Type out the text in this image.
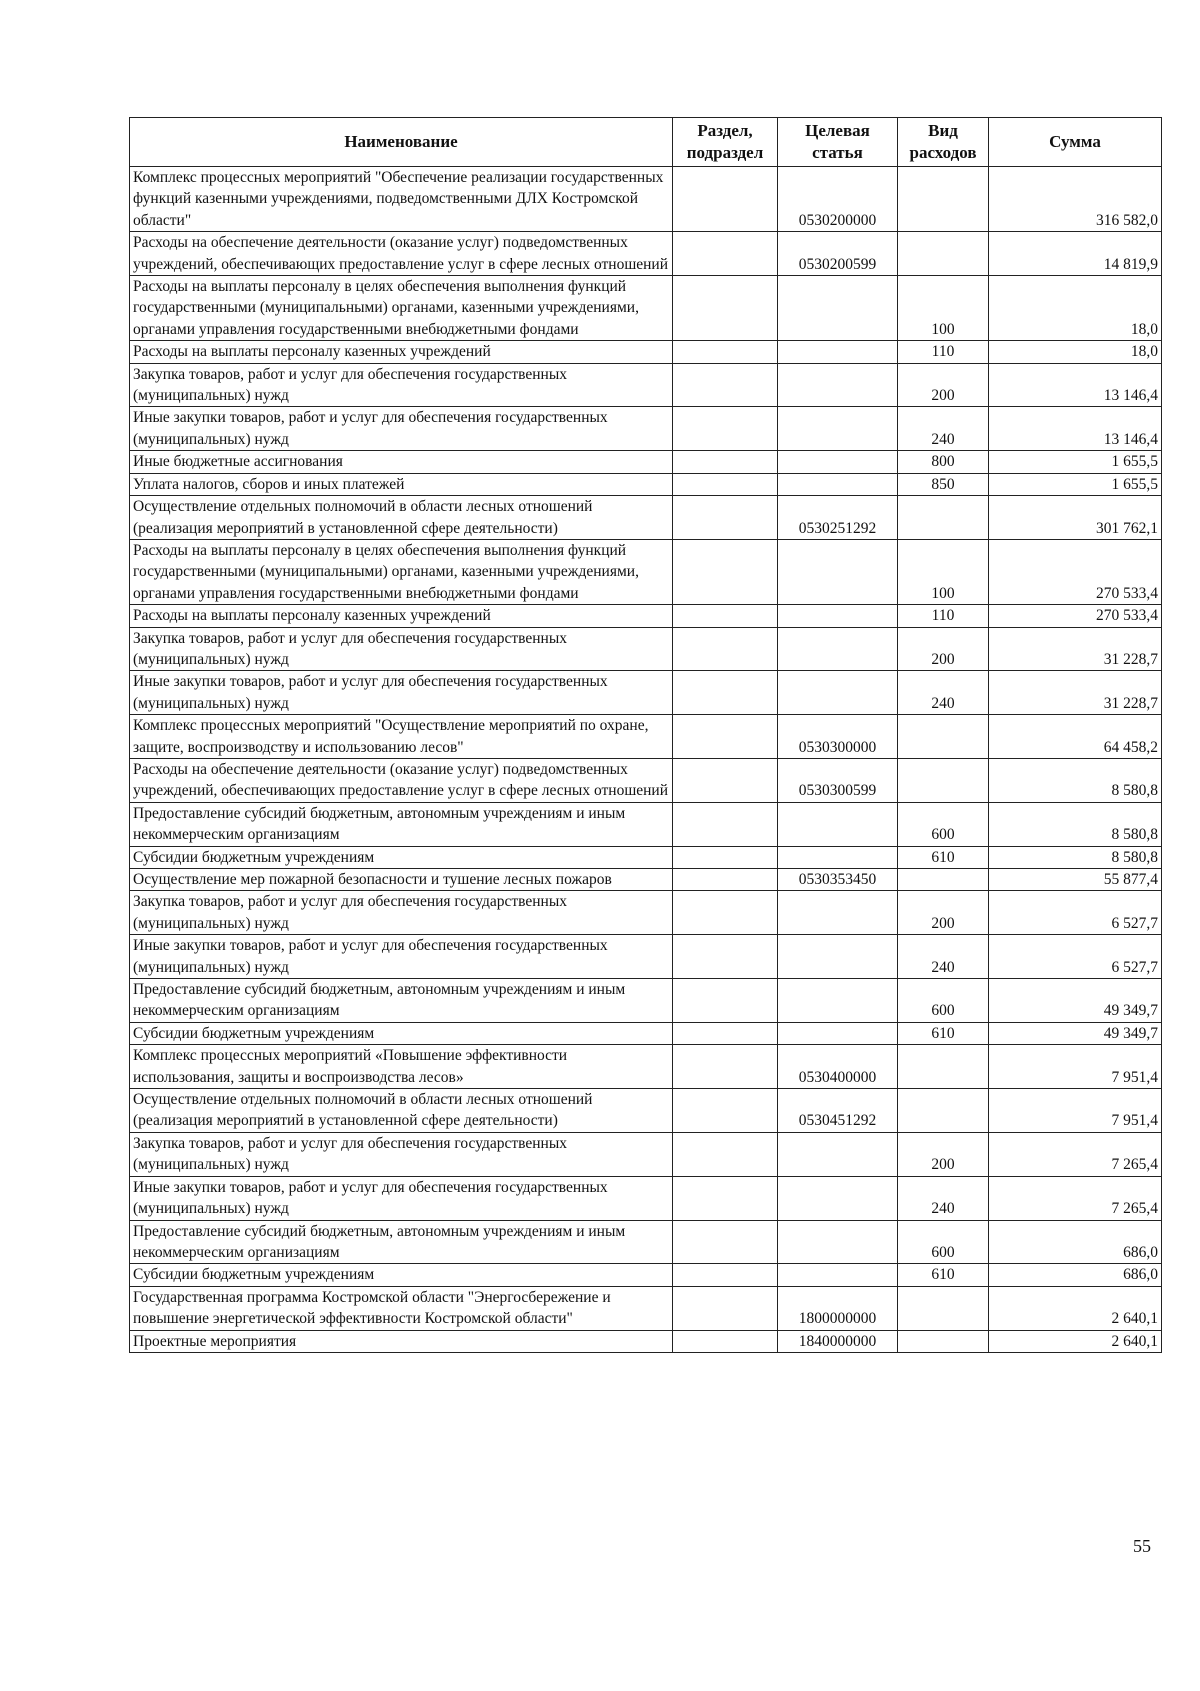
Наименование	Раздел, подраздел	Целевая статья	Вид расходов	Сумма
Комплекс процессных мероприятий "Обеспечение реализации государственных функций казенными учреждениями, подведомственными ДЛХ Костромской области"		0530200000		316 582,0
Расходы на обеспечение деятельности (оказание услуг) подведомственных учреждений, обеспечивающих предоставление услуг в сфере лесных отношений		0530200599		14 819,9
Расходы на выплаты персоналу в целях обеспечения выполнения функций государственными (муниципальными) органами, казенными учреждениями, органами управления государственными внебюджетными фондами			100	18,0
Расходы на выплаты персоналу казенных учреждений			110	18,0
Закупка товаров, работ и услуг для обеспечения государственных (муниципальных) нужд			200	13 146,4
Иные закупки товаров, работ и услуг для обеспечения государственных (муниципальных) нужд			240	13 146,4
Иные бюджетные ассигнования			800	1 655,5
Уплата налогов, сборов и иных платежей			850	1 655,5
Осуществление отдельных полномочий в области лесных отношений (реализация мероприятий в установленной сфере деятельности)		0530251292		301 762,1
Расходы на выплаты персоналу в целях обеспечения выполнения функций государственными (муниципальными) органами, казенными учреждениями, органами управления государственными внебюджетными фондами			100	270 533,4
Расходы на выплаты персоналу казенных учреждений			110	270 533,4
Закупка товаров, работ и услуг для обеспечения государственных (муниципальных) нужд			200	31 228,7
Иные закупки товаров, работ и услуг для обеспечения государственных (муниципальных) нужд			240	31 228,7
Комплекс процессных мероприятий "Осуществление мероприятий по охране, защите, воспроизводству и использованию лесов"		0530300000		64 458,2
Расходы на обеспечение деятельности (оказание услуг) подведомственных учреждений, обеспечивающих предоставление услуг в сфере лесных отношений		0530300599		8 580,8
Предоставление субсидий бюджетным, автономным учреждениям и иным некоммерческим организациям			600	8 580,8
Субсидии бюджетным учреждениям			610	8 580,8
Осуществление мер пожарной безопасности и тушение лесных пожаров		0530353450		55 877,4
Закупка товаров, работ и услуг для обеспечения государственных (муниципальных) нужд			200	6 527,7
Иные закупки товаров, работ и услуг для обеспечения государственных (муниципальных) нужд			240	6 527,7
Предоставление субсидий бюджетным, автономным учреждениям и иным некоммерческим организациям			600	49 349,7
Субсидии бюджетным учреждениям			610	49 349,7
Комплекс процессных мероприятий «Повышение эффективности использования, защиты и воспроизводства лесов»		0530400000		7 951,4
Осуществление отдельных полномочий в области лесных отношений (реализация мероприятий в установленной сфере деятельности)		0530451292		7 951,4
Закупка товаров, работ и услуг для обеспечения государственных (муниципальных) нужд			200	7 265,4
Иные закупки товаров, работ и услуг для обеспечения государственных (муниципальных) нужд			240	7 265,4
Предоставление субсидий бюджетным, автономным учреждениям и иным некоммерческим организациям			600	686,0
Субсидии бюджетным учреждениям			610	686,0
Государственная программа Костромской области "Энергосбережение и повышение энергетической эффективности Костромской области"		1800000000		2 640,1
Проектные мероприятия		1840000000		2 640,1
55
